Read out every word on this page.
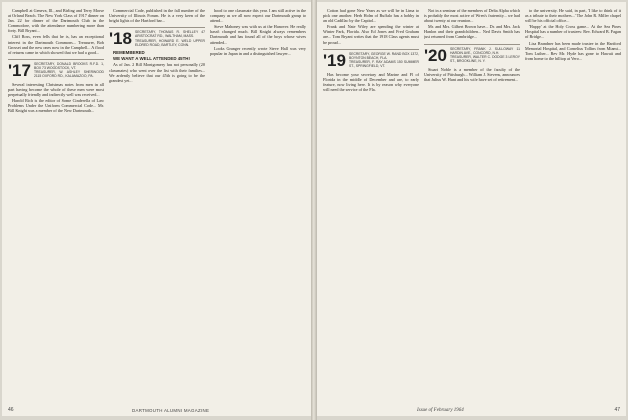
Campbell at Geneva, Ill., and Birling and Terry Morse at Orland Beach. The New York Class of 1917 dinner on Jan. 22 for dinner of the Dartmouth Club in the Commodore, with the attendance numbering more than forty. Bill Bryant...

Cliff Ross, even fells that he is, has an exceptional interest in the Dartmouth Commons... Treasurer, Bob Grosset and the new ones now in the Campbell... A flood of returns came in which showed that we had a good...

'17 SECRETARY, DONALD BROOKS R.F.D. 1, BOX 73 WOODSTOCK, VT.
TREASURER, W. ASHLEY SHERWOOD 2115 OXFORD RD., KALAMAZOO, PA.

Several interesting Christmas notes from men in all part having become the whole of these men were most perpetually friendly and indirectly well was received...

Harold Rich is the editor of Some Cinderella of Law Problems Under the Uniform Commercial Code... Mr. Bill Knight was a member of the New Dartmouth...

Commercial Code, published in the fall number of the University of Illinois Forum. He is a very keen of the bright lights of the Hartford bar...

'18 SECRETARY, THOMAS R. SHELLEY 47 ARISTOCRAT RD., WALTHAM, MASS.
TREASURER, HOWARD E. WELD UPPER ELDRED ROAD, BARTLEY, CONN.

REMEMBERED

WE WANT A WELL ATTENDED 45TH!

As of Jan. 2 Bill Montgomery has not personally (20 classmates) who went over the list with their families... We ardently believe that our 45th is going to be the grandest yet...

hood to one classmate this year. I am still active in the company as we all now expect our Dartmouth group to attend...

Steve Mahoney was with us at the Hanover. He really hasn't changed much. Bill Knight always remembers Dartmouth and has found all of the boys whose wives attended...

Looks Granger recently wrote Steve Hall was very popular in Japan in and a distinguished lawyer...

46	DARTMOUTH ALUMNI MAGAZINE

Cotton had gone New Years as we will be in Lima to pick one another. Herb Holm of Buffalo has a hobby in an old Cadillac by the Capitol...

Frank and Nate Wiley are spending the winter at Winter Park, Florida. Also Ed Jones and Fred Graham are... Tom Bryant writes that the 1918 Class agents must be proud...

'19 SECRETARY, GEORGE W. RAND BOX 1372, BOYNTON BEACH, FLA.
TREASURER, F. RAY ADAMS 150 SUMMER ST., SPRINGFIELD, VT.

Has become your secretary and Marine and Fl of Florida in the middle of December and are, to early feature, now living here. It is by reason why everyone will need the service of the Fla.

Not in a seminar of the members of Delta Alpha which is probably the most active of Wren's fraternity... we had about twenty at our reunion...

Mr. and Mrs. Gilbert Brown have... Dr. and Mrs. Jack Hanlon and their grandchildren... Ned Davis Smith has just returned from Cambridge...

'20 SECRETARY, FRANK J. SULLOWAY 11 HARDIN AVE., CONCORD, N.H.
TREASURER, WALTER C. DODGE 3 LEROY ST., BROOKLINE, N. Y.

Stuart Noble is a member of the faculty of the University of Pittsburgh... William J. Stevens, announces that Julius W. Hunt and his wife have set of retirement...

to the university. He said, in part, 'I like to think of it as a tribute to their mothers...' The John R. Miller chapel will be his official office...

'Happy' at the Holy Cross game... At the Sea Pines Hospital has a number of trustees: Rev. Edward B. Fagan of Bridge...

Lisa Brandner has been made trustee in the Hartford Memorial Hospital, and Cornelius Tollins from Miami... Tom Luther... Rev Mr. Hyde has gone to Hawaii and from home to the hilltop at Vero...

Issue of February 1964	47
